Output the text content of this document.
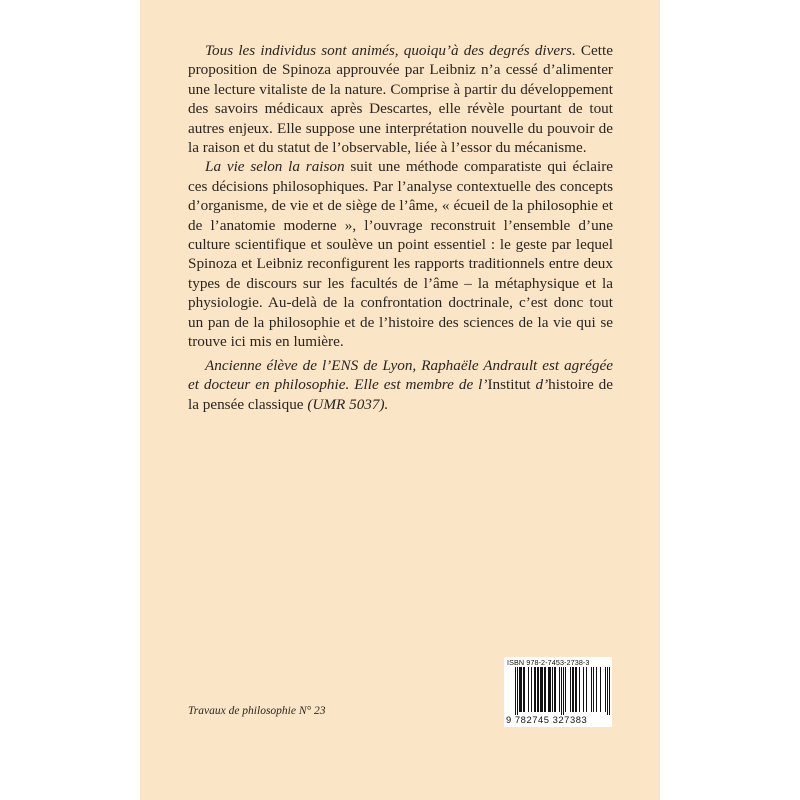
Tous les individus sont animés, quoiqu’à des degrés divers. Cette proposition de Spinoza approuvée par Leibniz n’a cessé d’alimenter une lecture vitaliste de la nature. Comprise à partir du développement des savoirs médicaux après Descartes, elle révèle pourtant de tout autres enjeux. Elle suppose une interprétation nouvelle du pouvoir de la raison et du statut de l’observable, liée à l’essor du mécanisme.

La vie selon la raison suit une méthode comparatiste qui éclaire ces décisions philosophiques. Par l’analyse contextuelle des concepts d’organisme, de vie et de siège de l’âme, « écueil de la philosophie et de l’anatomie moderne », l’ouvrage reconstruit l’ensemble d’une culture scientifique et soulève un point essentiel : le geste par lequel Spinoza et Leibniz reconfigurent les rapports traditionnels entre deux types de discours sur les facultés de l’âme – la métaphysique et la physiologie. Au-delà de la confrontation doctrinale, c’est donc tout un pan de la philosophie et de l’histoire des sciences de la vie qui se trouve ici mis en lumière.

Ancienne élève de l’ENS de Lyon, Raphaële Andrault est agrégée et docteur en philosophie. Elle est membre de l’Institut d’histoire de la pensée classique (UMR 5037).

Travaux de philosophie N° 23
ISBN 978-2-7453-2738-3
9 782745 327383
